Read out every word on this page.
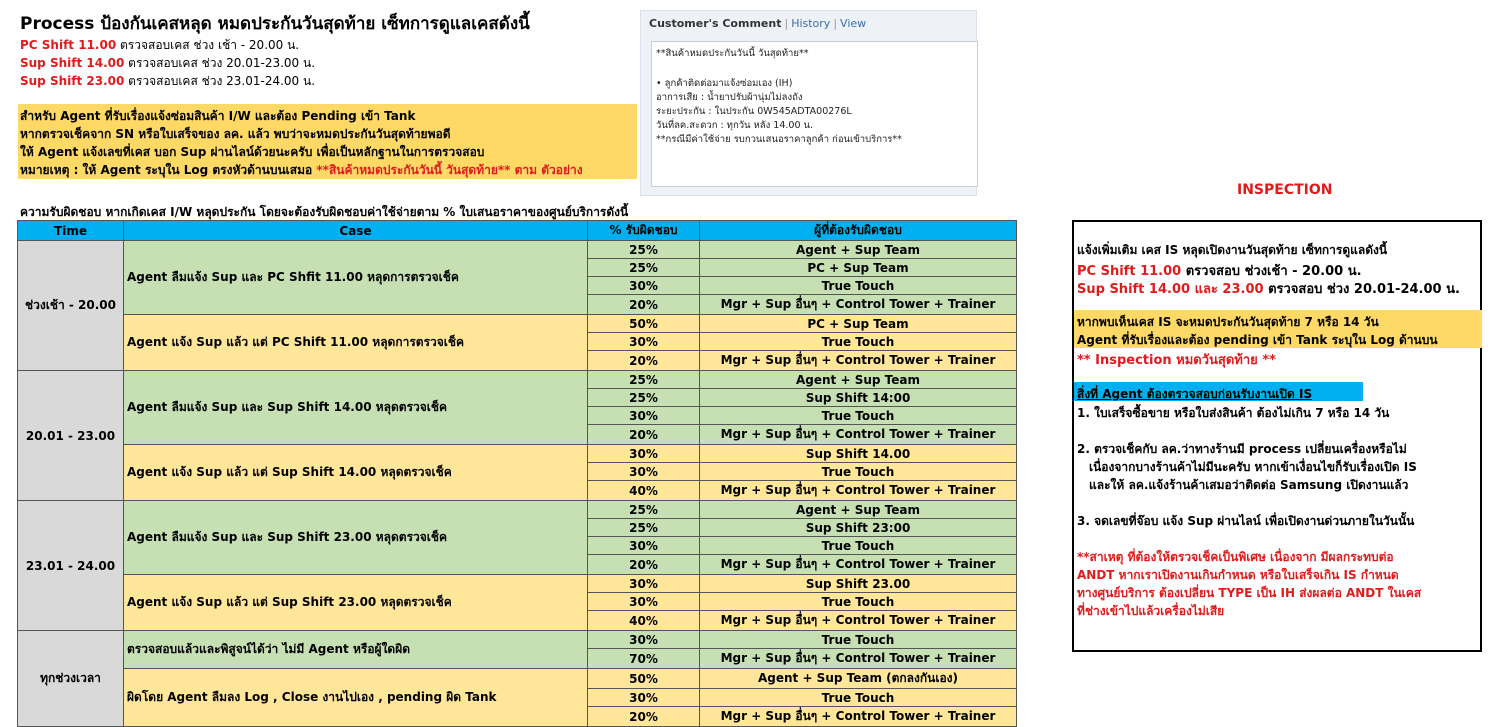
Process ป้องกันเคสหลุด หมดประกันวันสุดท้าย เซ็ทการดูแลเคสดังนี้
PC Shift 11.00 ตรวจสอบเคส ช่วง เช้า - 20.00 น.
Sup Shift 14.00 ตรวจสอบเคส ช่วง 20.01-23.00 น.
Sup Shift 23.00 ตรวจสอบเคส ช่วง 23.01-24.00 น.
สำหรับ Agent ที่รับเรื่องแจ้งซ่อมสินค้า I/W และต้อง Pending เข้า Tank
หากตรวจเช็คจาก SN หรือใบเสร็จของ ลค. แล้ว พบว่าจะหมดประกันวันสุดท้ายพอดี
ให้ Agent แจ้งเลขที่เคส บอก Sup ผ่านไลน์ด้วยนะครับ เพื่อเป็นหลักฐานในการตรวจสอบ
หมายเหตุ : ให้ Agent ระบุใน Log ตรงหัวด้านบนเสมอ **สินค้าหมดประกันวันนี้ วันสุดท้าย** ตาม ตัวอย่าง
Customer's Comment | History | View
**สินค้าหมดประกันวันนี้ วันสุดท้าย**
• ลูกค้าติดต่อมาแจ้งซ่อมเอง (IH)
อาการเสีย : น้ำยาปรับผ้านุ่มไม่ลงถัง
ระยะประกัน : ในประกัน 0W545ADTA00276L
วันที่ลค.สะดวก : ทุกวัน หลัง 14.00 น.
**กรณีมีค่าใช้จ่าย รบกวนเสนอราคาลูกค้า ก่อนเข้าบริการ**
INSPECTION
ความรับผิดชอบ หากเกิดเคส I/W หลุดประกัน โดยจะต้องรับผิดชอบค่าใช้จ่ายตาม % ใบเสนอราคาของศูนย์บริการดังนี้
Time	Case	% รับผิดชอบ	ผู้ที่ต้องรับผิดชอบ
ช่วงเช้า - 20.00	Agent ลืมแจ้ง Sup และ PC Shfit 11.00 หลุดการตรวจเช็ค	25%	Agent + Sup Team
		25%	PC + Sup Team
		30%	True Touch
		20%	Mgr + Sup อื่นๆ + Control Tower + Trainer
	Agent แจ้ง Sup แล้ว แต่ PC Shift 11.00 หลุดการตรวจเช็ค	50%	PC + Sup Team
		30%	True Touch
		20%	Mgr + Sup อื่นๆ + Control Tower + Trainer
20.01 - 23.00	Agent ลืมแจ้ง Sup และ Sup Shift 14.00 หลุดตรวจเช็ค	25%	Agent + Sup Team
		25%	Sup Shift 14:00
		30%	True Touch
		20%	Mgr + Sup อื่นๆ + Control Tower + Trainer
	Agent แจ้ง Sup แล้ว แต่ Sup Shift 14.00 หลุดตรวจเช็ค	30%	Sup Shift 14.00
		30%	True Touch
		40%	Mgr + Sup อื่นๆ + Control Tower + Trainer
23.01 - 24.00	Agent ลืมแจ้ง Sup และ Sup Shift 23.00 หลุดตรวจเช็ค	25%	Agent + Sup Team
		25%	Sup Shift 23:00
		30%	True Touch
		20%	Mgr + Sup อื่นๆ + Control Tower + Trainer
	Agent แจ้ง Sup แล้ว แต่ Sup Shift 23.00 หลุดตรวจเช็ค	30%	Sup Shift 23.00
		30%	True Touch
		40%	Mgr + Sup อื่นๆ + Control Tower + Trainer
ทุกช่วงเวลา	ตรวจสอบแล้วและพิสูจน์ได้ว่า ไม่มี Agent หรือผู้ใดผิด	30%	True Touch
		70%	Mgr + Sup อื่นๆ + Control Tower + Trainer
	ผิดโดย Agent ลืมลง Log , Close งานไปเอง , pending ผิด Tank	50%	Agent + Sup Team (ตกลงกันเอง)
		30%	True Touch
		20%	Mgr + Sup อื่นๆ + Control Tower + Trainer
แจ้งเพิ่มเติม เคส IS หลุดเปิดงานวันสุดท้าย เซ็ทการดูแลดังนี้
PC Shift 11.00 ตรวจสอบ ช่วงเช้า - 20.00 น.
Sup Shift 14.00 และ 23.00 ตรวจสอบ ช่วง 20.01-24.00 น.
หากพบเห็นเคส IS จะหมดประกันวันสุดท้าย 7 หรือ 14 วัน
Agent ที่รับเรื่องและต้อง pending เข้า Tank ระบุใน Log ด้านบน
** Inspection หมดวันสุดท้าย **
สิ่งที่ Agent ต้องตรวจสอบก่อนรับงานเปิด IS
1. ใบเสร็จซื้อขาย หรือใบส่งสินค้า ต้องไม่เกิน 7 หรือ 14 วัน
2. ตรวจเช็คกับ ลค.ว่าทางร้านมี process เปลี่ยนเครื่องหรือไม่
เนื่องจากบางร้านค้าไม่มีนะครับ หากเข้าเงื่อนไขก็รับเรื่องเปิด IS
และให้ ลค.แจ้งร้านค้าเสมอว่าติดต่อ Samsung เปิดงานแล้ว
3. จดเลขที่จ๊อบ แจ้ง Sup ผ่านไลน์ เพื่อเปิดงานด่วนภายในวันนั้น
**สาเหตุ ที่ต้องให้ตรวจเช็คเป็นพิเศษ เนื่องจาก มีผลกระทบต่อ
ANDT หากเราเปิดงานเกินกำหนด หรือใบเสร็จเกิน IS กำหนด
ทางศูนย์บริการ ต้องเปลี่ยน TYPE เป็น IH ส่งผลต่อ ANDT ในเคส
ที่ช่างเข้าไปแล้วเครื่องไม่เสีย
